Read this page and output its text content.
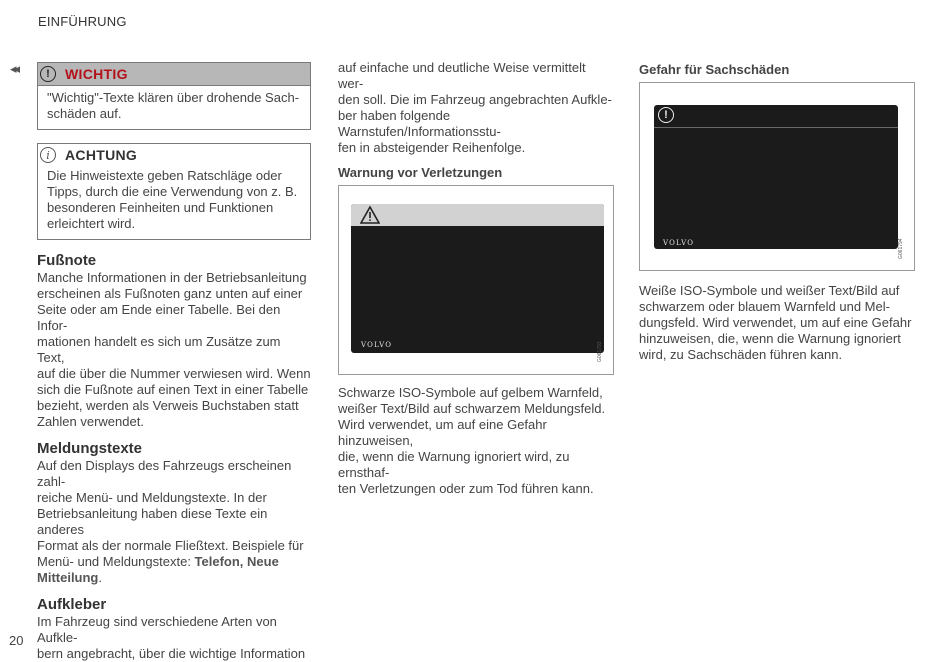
EINFÜHRUNG
◂◂
20
!	WICHTIG

"Wichtig"-Texte klären über drohende Sach-
schäden auf.

i	ACHTUNG

Die Hinweistexte geben Ratschläge oder
Tipps, durch die eine Verwendung von z. B.
besonderen Feinheiten und Funktionen
erleichtert wird.

Fußnote

Manche Informationen in der Betriebsanleitung
erscheinen als Fußnoten ganz unten auf einer
Seite oder am Ende einer Tabelle. Bei den Infor-
mationen handelt es sich um Zusätze zum Text,
auf die über die Nummer verwiesen wird. Wenn
sich die Fußnote auf einen Text in einer Tabelle
bezieht, werden als Verweis Buchstaben statt
Zahlen verwendet.

Meldungstexte

Auf den Displays des Fahrzeugs erscheinen zahl-
reiche Menü- und Meldungstexte. In der
Betriebsanleitung haben diese Texte ein anderes
Format als der normale Fließtext. Beispiele für
Menü- und Meldungstexte: Telefon, Neue
Mitteilung.

Aufkleber

Im Fahrzeug sind verschiedene Arten von Aufkle-
bern angebracht, über die wichtige Information

auf einfache und deutliche Weise vermittelt wer-
den soll. Die im Fahrzeug angebrachten Aufkle-
ber haben folgende Warnstufen/Informationsstu-
fen in absteigender Reihenfolge.

Warnung vor Verletzungen
VOLVO	G061793

Schwarze ISO-Symbole auf gelbem Warnfeld,
weißer Text/Bild auf schwarzem Meldungsfeld.
Wird verwendet, um auf eine Gefahr hinzuweisen,
die, wenn die Warnung ignoriert wird, zu ernsthaf-
ten Verletzungen oder zum Tod führen kann.

Gefahr für Sachschäden
!
VOLVO	G061794

Weiße ISO-Symbole und weißer Text/Bild auf
schwarzem oder blauem Warnfeld und Mel-
dungsfeld. Wird verwendet, um auf eine Gefahr
hinzuweisen, die, wenn die Warnung ignoriert
wird, zu Sachschäden führen kann.
